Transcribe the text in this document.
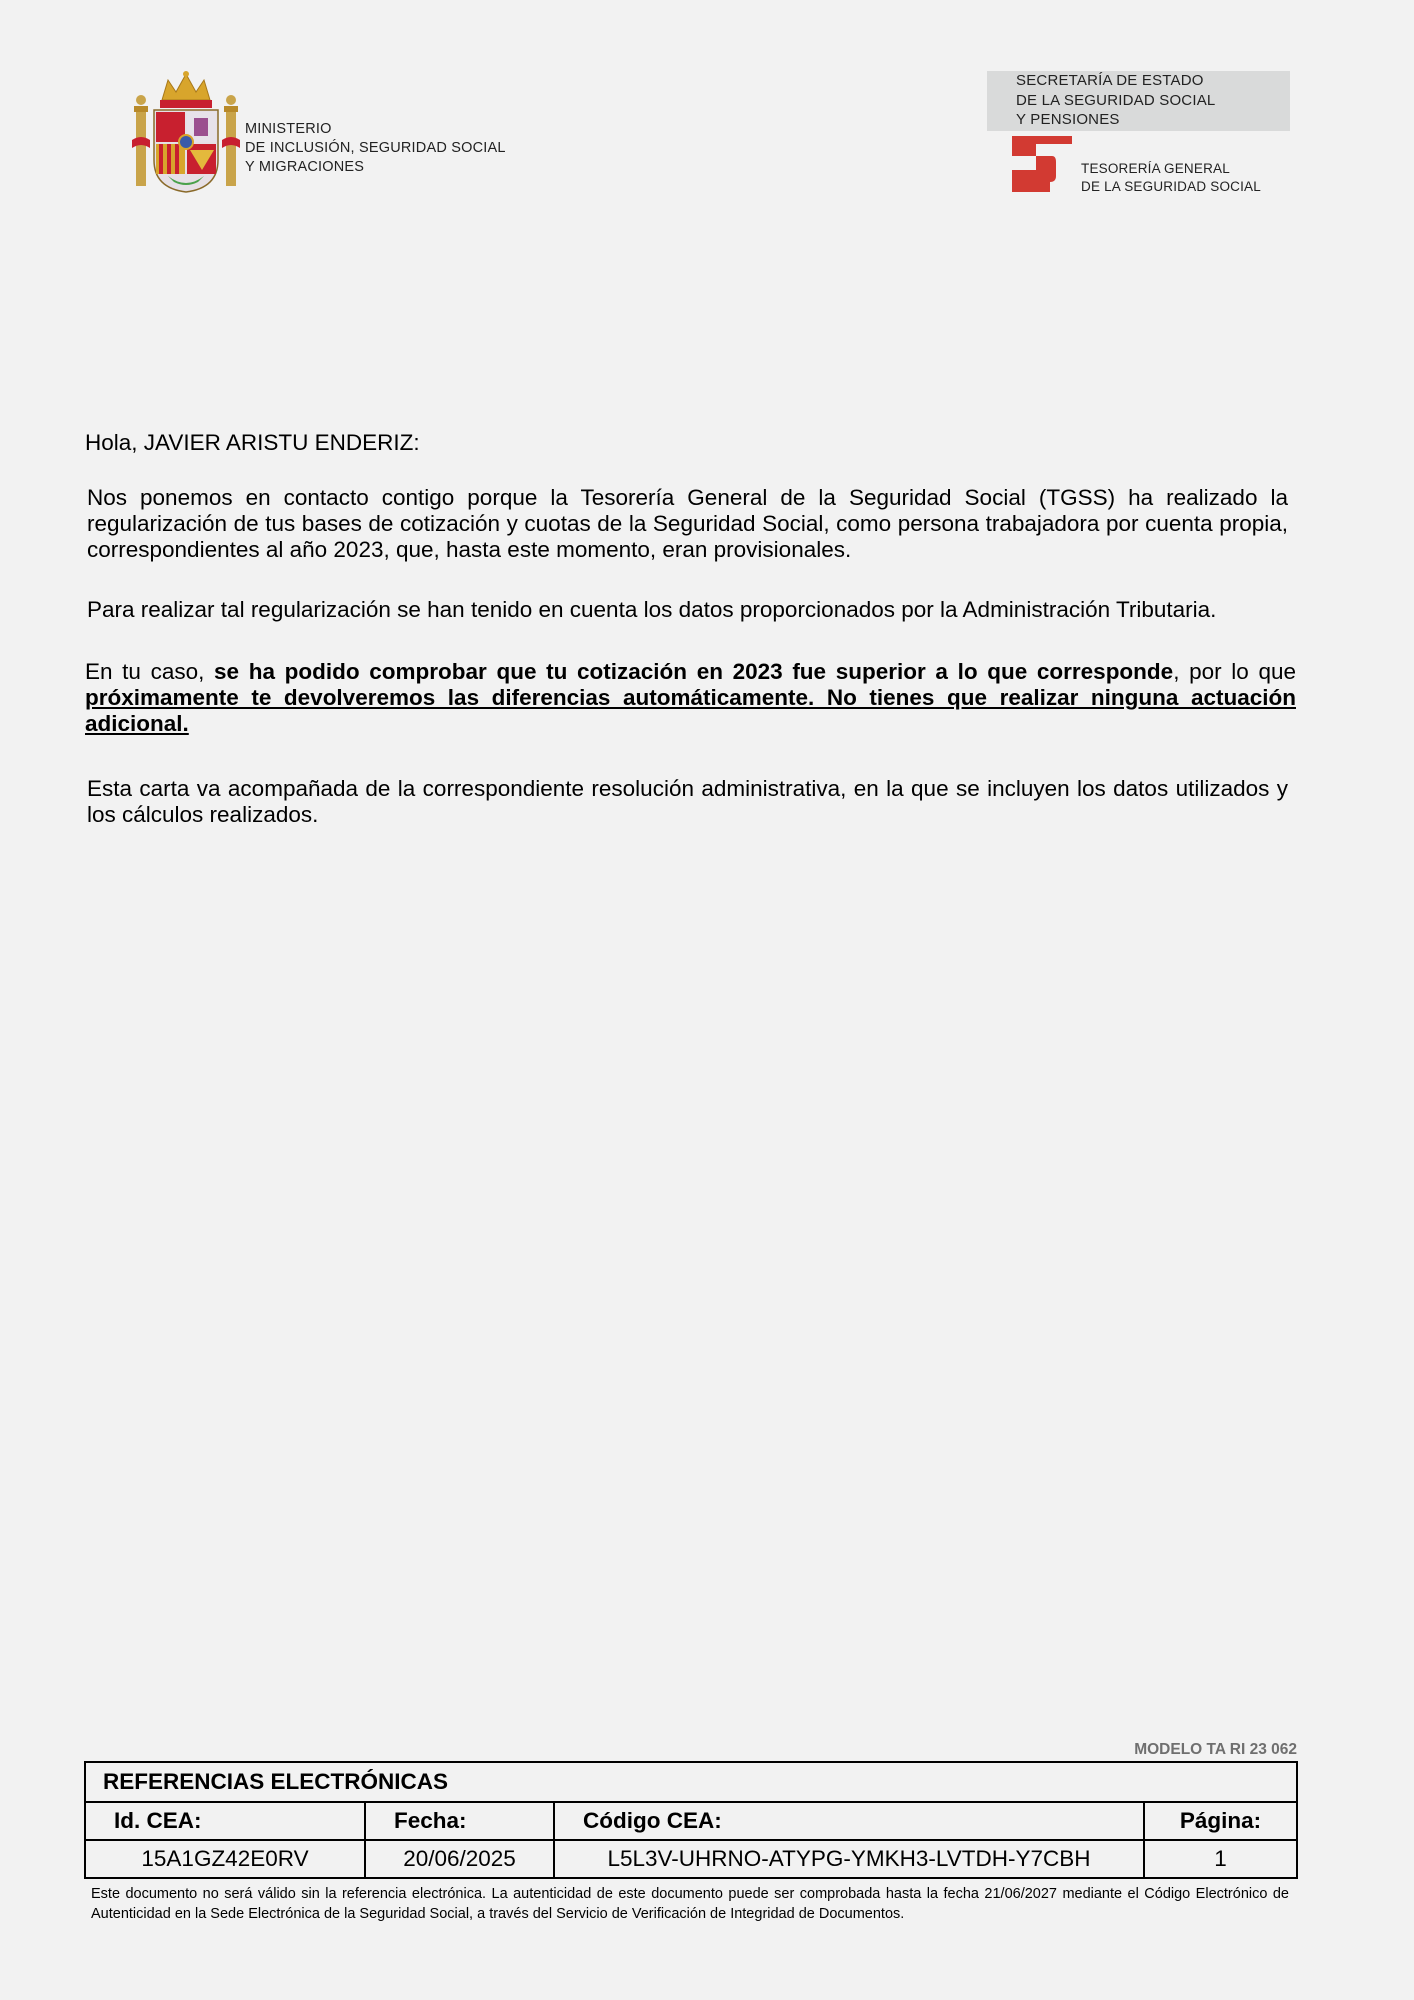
MINISTERIO
DE INCLUSIÓN, SEGURIDAD SOCIAL
Y MIGRACIONES
SECRETARÍA DE ESTADO
DE LA SEGURIDAD SOCIAL
Y PENSIONES
TESORERÍA GENERAL
DE LA SEGURIDAD SOCIAL
Hola, JAVIER ARISTU ENDERIZ:
Nos ponemos en contacto contigo porque la Tesorería General de la Seguridad Social (TGSS) ha realizado la regularización de tus bases de cotización y cuotas de la Seguridad Social, como persona trabajadora por cuenta propia, correspondientes al año 2023, que, hasta este momento, eran provisionales.
Para realizar tal regularización se han tenido en cuenta los datos proporcionados por la Administración Tributaria.
En tu caso, se ha podido comprobar que tu cotización en 2023 fue superior a lo que corresponde, por lo que próximamente te devolveremos las diferencias automáticamente. No tienes que realizar ninguna actuación adicional.
Esta carta va acompañada de la correspondiente resolución administrativa, en la que se incluyen los datos utilizados y los cálculos realizados.
MODELO TA RI 23 062
REFERENCIAS ELECTRÓNICAS			
Id. CEA:	Fecha:	Código CEA:	Página:
15A1GZ42E0RV	20/06/2025	L5L3V-UHRNO-ATYPG-YMKH3-LVTDH-Y7CBH	1
Este documento no será válido sin la referencia electrónica. La autenticidad de este documento puede ser comprobada hasta la fecha 21/06/2027 mediante el Código Electrónico de Autenticidad en la Sede Electrónica de la Seguridad Social, a través del Servicio de Verificación de Integridad de Documentos.
